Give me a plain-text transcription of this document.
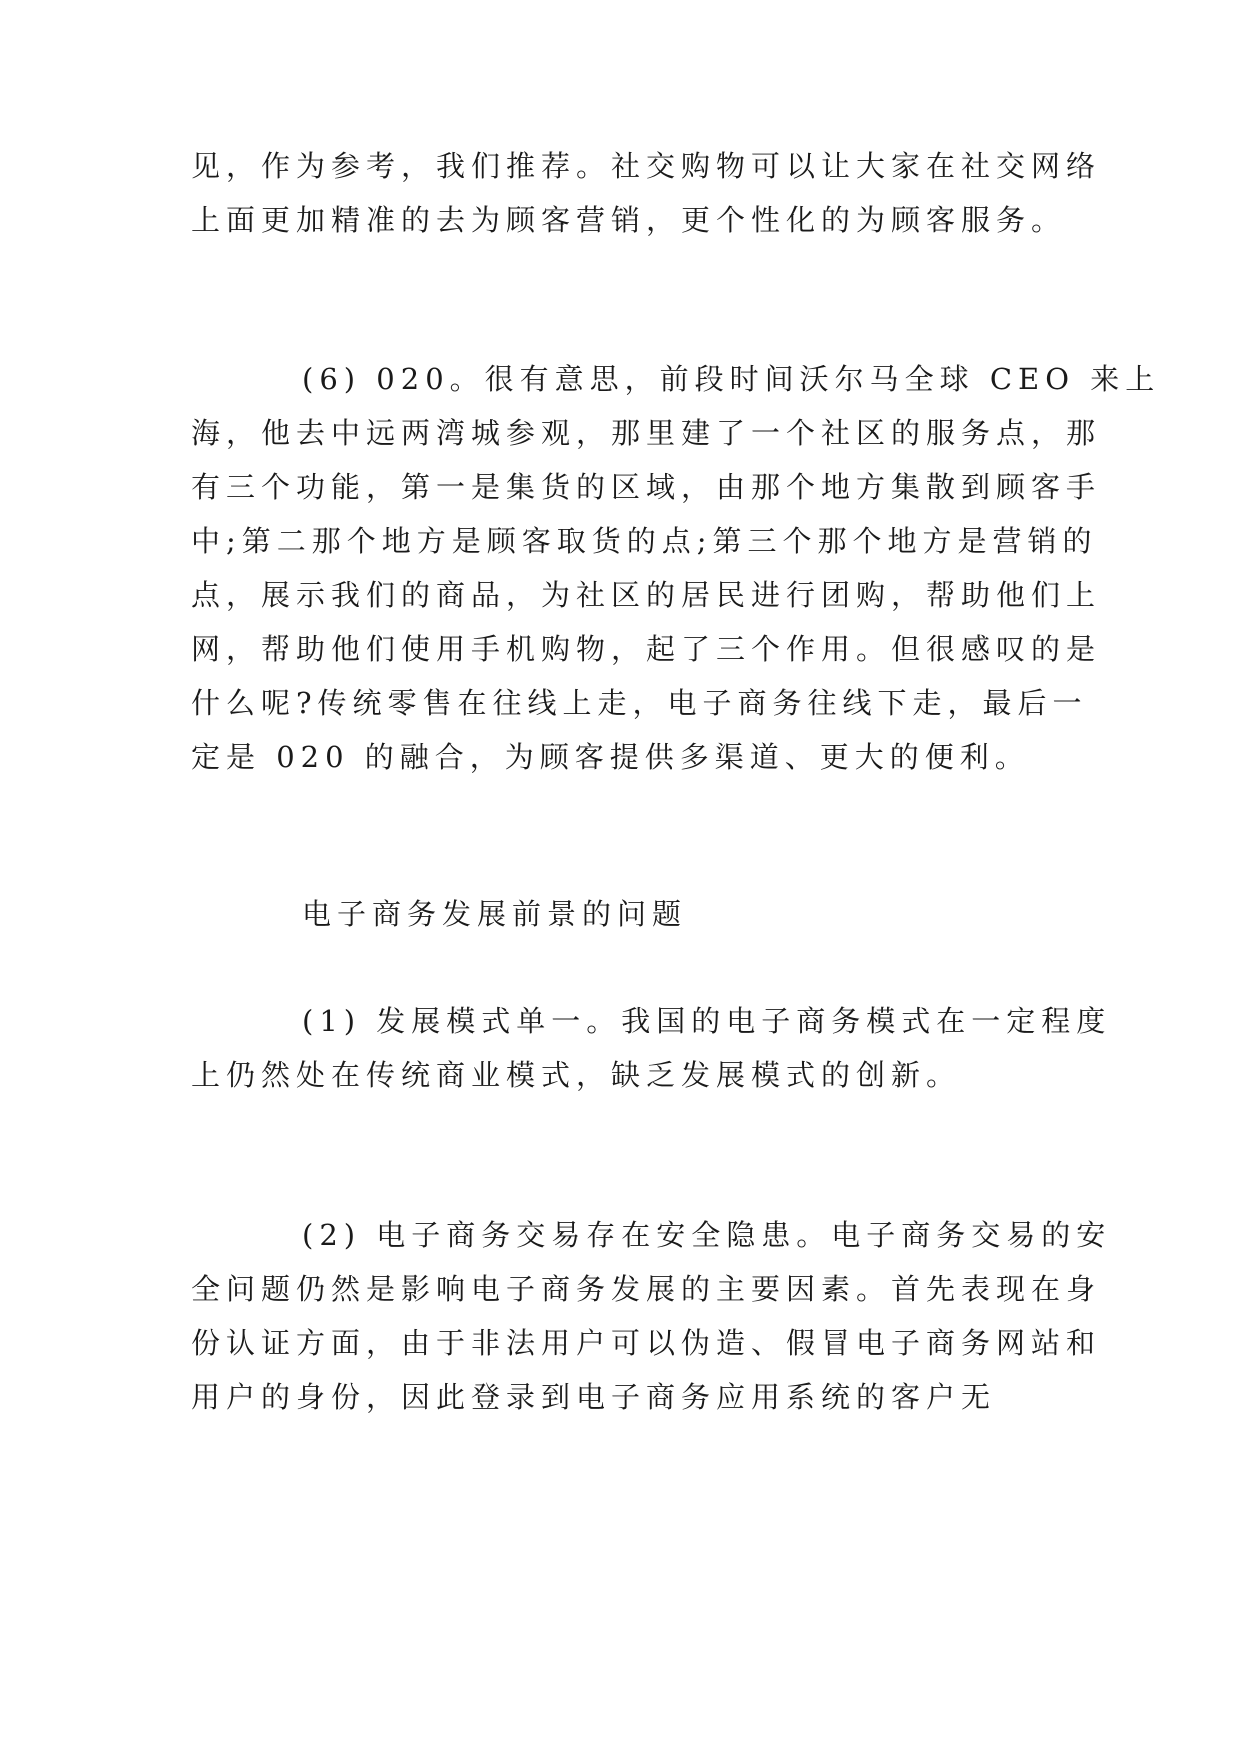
见，作为参考，我们推荐。社交购物可以让大家在社交网络
上面更加精准的去为顾客营销，更个性化的为顾客服务。
(6) 020。很有意思，前段时间沃尔马全球 CEO 来上
海，他去中远两湾城参观，那里建了一个社区的服务点，那
有三个功能，第一是集货的区域，由那个地方集散到顾客手
中;第二那个地方是顾客取货的点;第三个那个地方是营销的
点，展示我们的商品，为社区的居民进行团购，帮助他们上
网，帮助他们使用手机购物，起了三个作用。但很感叹的是
什么呢?传统零售在往线上走，电子商务往线下走，最后一
定是 020 的融合，为顾客提供多渠道、更大的便利。
电子商务发展前景的问题
(1) 发展模式单一。我国的电子商务模式在一定程度
上仍然处在传统商业模式，缺乏发展模式的创新。
(2) 电子商务交易存在安全隐患。电子商务交易的安
全问题仍然是影响电子商务发展的主要因素。首先表现在身
份认证方面，由于非法用户可以伪造、假冒电子商务网站和
用户的身份，因此登录到电子商务应用系统的客户无
